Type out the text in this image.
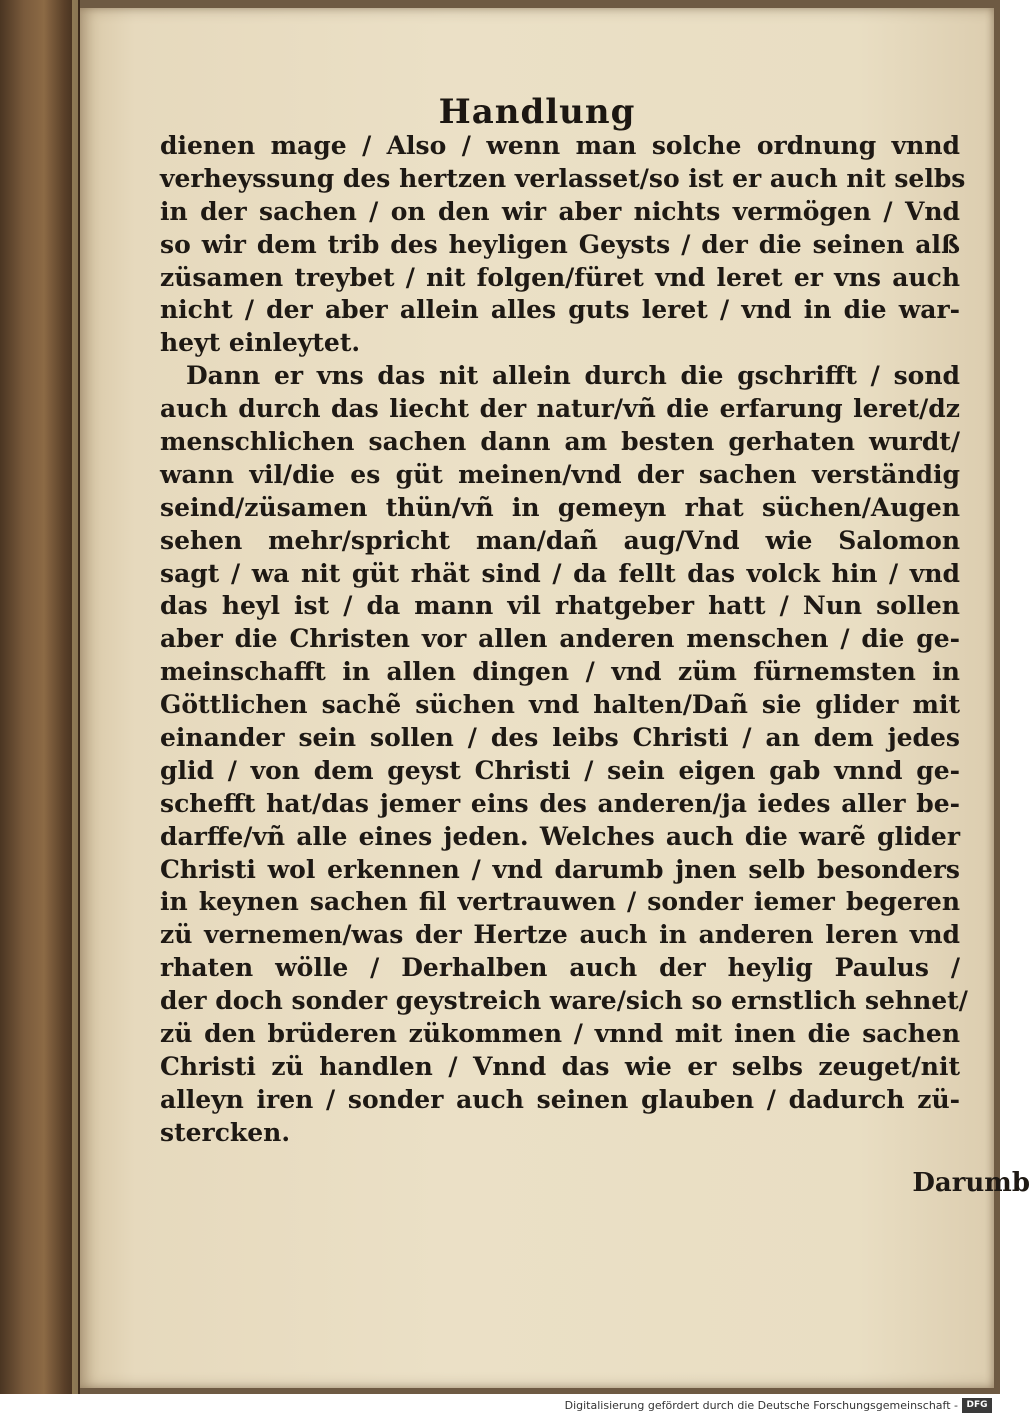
Handlung
Darumb
dienen mage / Also / wenn man solche ordnung vnnd
verheyssung des hertzen verlasset/so ist er auch nit selbs
in der sachen / on den wir aber nichts vermögen / Vnd
so wir dem trib des heyligen Geysts / der die seinen alß
züsamen treybet / nit folgen/füret vnd leret er vns auch
nicht / der aber allein alles guts leret / vnd in die war-
heyt einleytet.
Dann er vns das nit allein durch die gschrifft / sond
auch durch das liecht der natur/vñ die erfarung leret/dz
menschlichen sachen dann am besten gerhaten wurdt/
wann vil/die es güt meinen/vnd der sachen verständig
seind/züsamen thün/vñ in gemeyn rhat süchen/Augen
sehen mehr/spricht man/dañ aug/Vnd wie Salomon
sagt / wa nit güt rhät sind / da fellt das volck hin / vnd
das heyl ist / da mann vil rhatgeber hatt / Nun sollen
aber die Christen vor allen anderen menschen / die ge-
meinschafft in allen dingen / vnd züm fürnemsten in
Göttlichen sachẽ süchen vnd halten/Dañ sie glider mit
einander sein sollen / des leibs Christi / an dem jedes
glid / von dem geyst Christi / sein eigen gab vnnd ge-
schefft hat/das jemer eins des anderen/ja iedes aller be-
darffe/vñ alle eines jeden. Welches auch die warẽ glider
Christi wol erkennen / vnd darumb jnen selb besonders
in keynen sachen fil vertrauwen / sonder iemer begeren
zü vernemen/was der Hertze auch in anderen leren vnd
rhaten wölle / Derhalben auch der heylig Paulus /
der doch sonder geystreich ware/sich so ernstlich sehnet/
zü den brüderen zükommen / vnnd mit inen die sachen
Christi zü handlen / Vnnd das wie er selbs zeuget/nit
alleyn iren / sonder auch seinen glauben / dadurch zü-
stercken.
Digitalisierung gefördert durch die Deutsche Forschungsgemeinschaft - DFG
